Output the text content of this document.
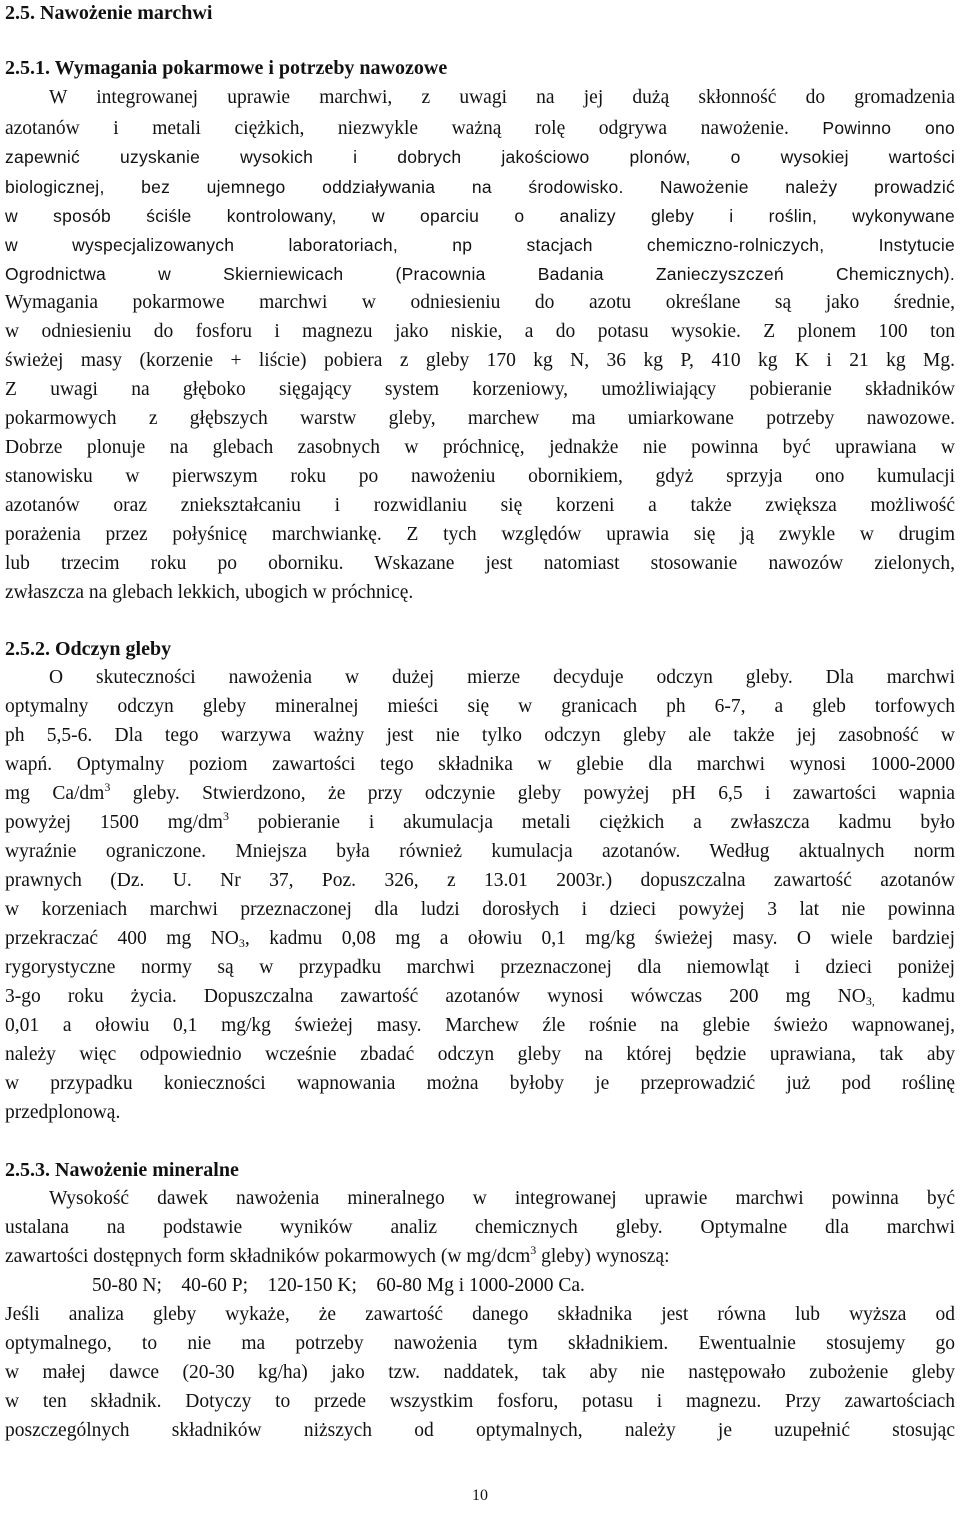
2.5. Nawożenie marchwi
2.5.1. Wymagania pokarmowe i potrzeby nawozowe
W integrowanej uprawie marchwi, z uwagi na jej dużą skłonność do gromadzenia
azotanów i metali ciężkich, niezwykle ważną rolę odgrywa nawożenie. Powinno ono
zapewnić uzyskanie wysokich i dobrych jakościowo plonów, o wysokiej wartości
biologicznej, bez ujemnego oddziaływania na środowisko. Nawożenie należy prowadzić
w sposób ściśle kontrolowany, w oparciu o analizy gleby i roślin, wykonywane
w wyspecjalizowanych laboratoriach, np stacjach chemiczno-rolniczych, Instytucie
Ogrodnictwa w Skierniewicach (Pracownia Badania Zanieczyszczeń Chemicznych).
Wymagania pokarmowe marchwi w odniesieniu do azotu określane są jako średnie,
w odniesieniu do fosforu i magnezu jako niskie, a do potasu wysokie. Z plonem 100 ton
świeżej masy (korzenie + liście) pobiera z gleby 170 kg N, 36 kg P, 410 kg K i 21 kg Mg.
Z uwagi na głęboko sięgający system korzeniowy, umożliwiający pobieranie składników
pokarmowych z głębszych warstw gleby, marchew ma umiarkowane potrzeby nawozowe.
Dobrze plonuje na glebach zasobnych w próchnicę, jednakże nie powinna być uprawiana w
stanowisku w pierwszym roku po nawożeniu obornikiem, gdyż sprzyja ono kumulacji
azotanów oraz zniekształcaniu i rozwidlaniu się korzeni a także zwiększa możliwość
porażenia przez połyśnicę marchwiankę. Z tych względów uprawia się ją zwykle w drugim
lub trzecim roku po oborniku. Wskazane jest natomiast stosowanie nawozów zielonych,
zwłaszcza na glebach lekkich, ubogich w próchnicę.
2.5.2. Odczyn gleby
O skuteczności nawożenia w dużej mierze decyduje odczyn gleby. Dla marchwi
optymalny odczyn gleby mineralnej mieści się w granicach ph 6-7, a gleb torfowych
ph 5,5-6. Dla tego warzywa ważny jest nie tylko odczyn gleby ale także jej zasobność w
wapń. Optymalny poziom zawartości tego składnika w glebie dla marchwi wynosi 1000-2000
mg $Ca/dm^3$ gleby. Stwierdzono, że przy odczynie gleby powyżej pH 6,5 i zawartości wapnia
powyżej 1500 $mg/dm^3$ pobieranie i akumulacja metali ciężkich a zwłaszcza kadmu było
wyraźnie ograniczone. Mniejsza była również kumulacja azotanów. Według aktualnych norm
prawnych (Dz. U. Nr 37, Poz. 326, z 13.01 2003r.) dopuszczalna zawartość azotanów
w korzeniach marchwi przeznaczonej dla ludzi dorosłych i dzieci powyżej 3 lat nie powinna
przekraczać 400 mg $NO_3$, kadmu 0,08 mg a ołowiu 0,1 mg/kg świeżej masy. O wiele bardziej
rygorystyczne normy są w przypadku marchwi przeznaczonej dla niemowląt i dzieci poniżej
3-go roku życia. Dopuszczalna zawartość azotanów wynosi wówczas 200 mg $NO_{3,}$ kadmu
0,01 a ołowiu 0,1 mg/kg świeżej masy. Marchew źle rośnie na glebie świeżo wapnowanej,
należy więc odpowiednio wcześnie zbadać odczyn gleby na której będzie uprawiana, tak aby
w przypadku konieczności wapnowania można byłoby je przeprowadzić już pod roślinę
przedplonową.
2.5.3. Nawożenie mineralne
Wysokość dawek nawożenia mineralnego w integrowanej uprawie marchwi powinna być
ustalana na podstawie wyników analiz chemicznych gleby. Optymalne dla marchwi
zawartości dostępnych form składników pokarmowych (w mg/dcm$^3$ gleby) wynoszą:
50-80 N; 40-60 P; 120-150 K; 60-80 Mg i 1000-2000 Ca.
Jeśli analiza gleby wykaże, że zawartość danego składnika jest równa lub wyższa od
optymalnego, to nie ma potrzeby nawożenia tym składnikiem. Ewentualnie stosujemy go
w małej dawce (20-30 kg/ha) jako tzw. naddatek, tak aby nie następowało zubożenie gleby
w ten składnik. Dotyczy to przede wszystkim fosforu, potasu i magnezu. Przy zawartościach
poszczególnych składników niższych od optymalnych, należy je uzupełnić stosując
10
